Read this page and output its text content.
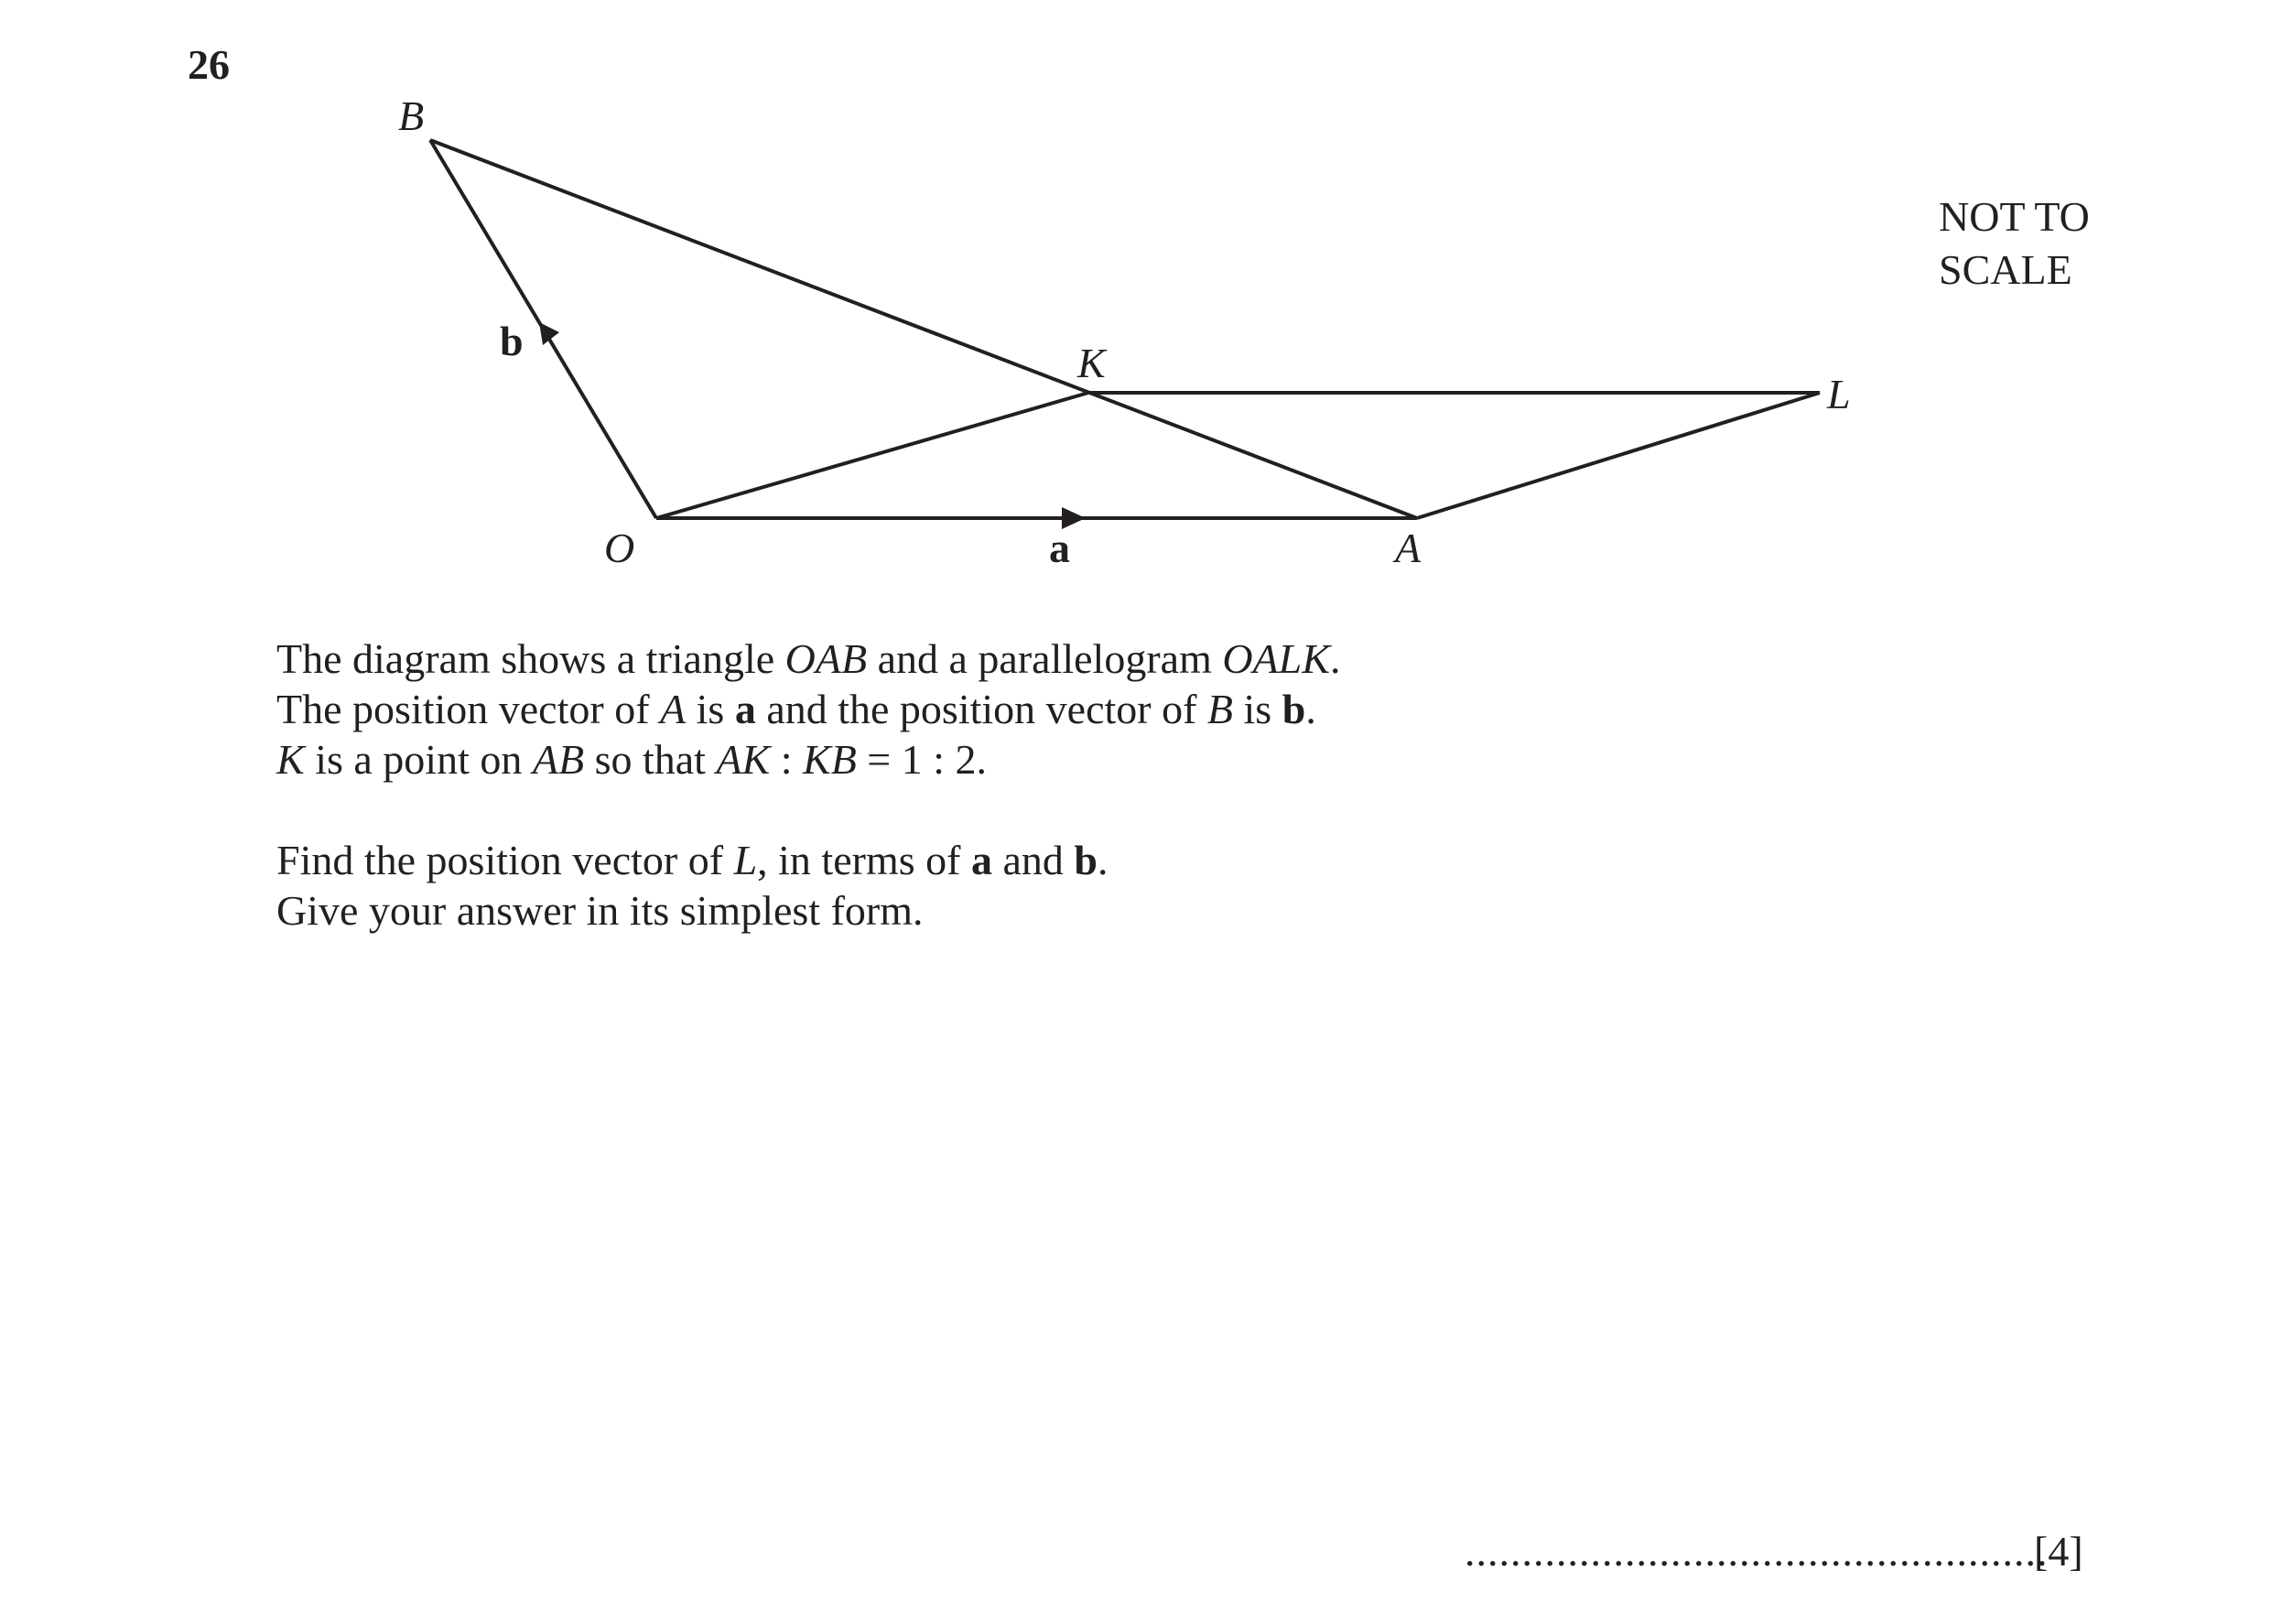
26
B
K
L
O	A
b
a
NOT TO
SCALE
The diagram shows a triangle OAB and a parallelogram OALK.
The position vector of A is a and the position vector of B is b.
K is a point on AB so that AK : KB = 1 : 2.
Find the position vector of L, in terms of a and b.
Give your answer in its simplest form.
...................................................
[4]
